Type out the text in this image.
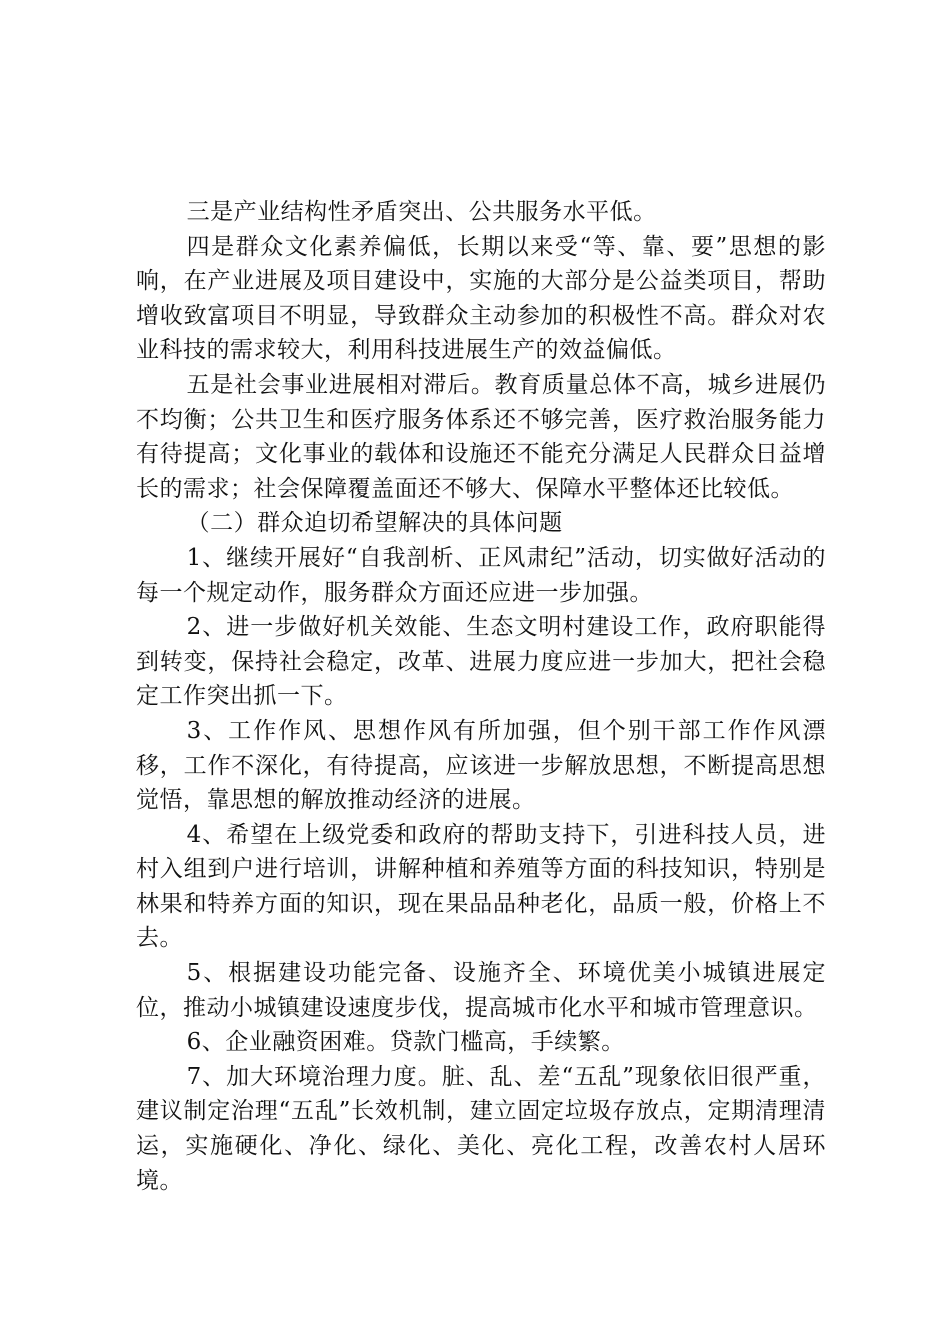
三是产业结构性矛盾突出、公共服务水平低。

四是群众文化素养偏低，长期以来受“等、靠、要”思想的影响，在产业进展及项目建设中，实施的大部分是公益类项目，帮助增收致富项目不明显，导致群众主动参加的积极性不高。群众对农业科技的需求较大，利用科技进展生产的效益偏低。

五是社会事业进展相对滞后。教育质量总体不高，城乡进展仍不均衡；公共卫生和医疗服务体系还不够完善，医疗救治服务能力有待提高；文化事业的载体和设施还不能充分满足人民群众日益增长的需求；社会保障覆盖面还不够大、保障水平整体还比较低。

（二）群众迫切希望解决的具体问题

1、继续开展好“自我剖析、正风肃纪”活动，切实做好活动的每一个规定动作，服务群众方面还应进一步加强。

2、进一步做好机关效能、生态文明村建设工作，政府职能得到转变，保持社会稳定，改革、进展力度应进一步加大，把社会稳定工作突出抓一下。

3、工作作风、思想作风有所加强，但个别干部工作作风漂移，工作不深化，有待提高，应该进一步解放思想，不断提高思想觉悟，靠思想的解放推动经济的进展。

4、希望在上级党委和政府的帮助支持下，引进科技人员，进村入组到户进行培训，讲解种植和养殖等方面的科技知识，特别是林果和特养方面的知识，现在果品品种老化，品质一般，价格上不去。

5、根据建设功能完备、设施齐全、环境优美小城镇进展定位，推动小城镇建设速度步伐，提高城市化水平和城市管理意识。

6、企业融资困难。贷款门槛高，手续繁。

7、加大环境治理力度。脏、乱、差“五乱”现象依旧很严重，建议制定治理“五乱”长效机制，建立固定垃圾存放点，定期清理清运，实施硬化、净化、绿化、美化、亮化工程，改善农村人居环境。
